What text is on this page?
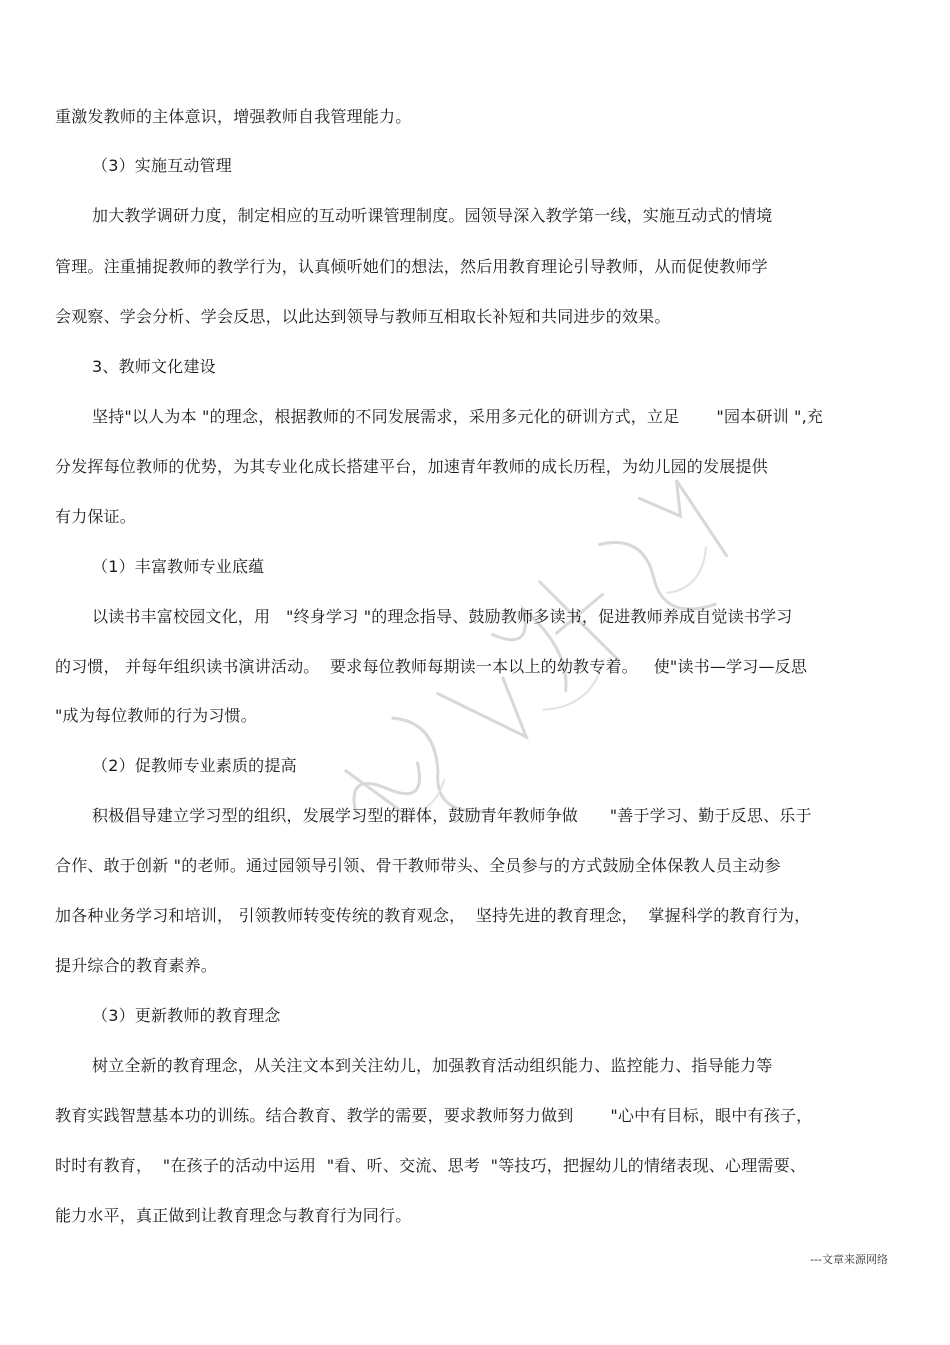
重激发教师的主体意识，增强教师自我管理能力。
（3）实施互动管理
加大教学调研力度，制定相应的互动听课管理制度。园领导深入教学第一线，实施互动式的情境
管理。注重捕捉教师的教学行为，认真倾听她们的想法，然后用教育理论引导教师，从而促使教师学
会观察、学会分析、学会反思，以此达到领导与教师互相取长补短和共同进步的效果。
3、教师文化建设
坚持"以人为本 "的理念，根据教师的不同发展需求，采用多元化的研训方式，立足       "园本研训 ",充
分发挥每位教师的优势，为其专业化成长搭建平台，加速青年教师的成长历程，为幼儿园的发展提供
有力保证。
（1）丰富教师专业底蕴
以读书丰富校园文化，用   "终身学习 "的理念指导、鼓励教师多读书，促进教师养成自觉读书学习
的习惯， 并每年组织读书演讲活动。  要求每位教师每期读一本以上的幼教专着。   使"读书—学习—反思
"成为每位教师的行为习惯。
（2）促教师专业素质的提高
积极倡导建立学习型的组织，发展学习型的群体，鼓励青年教师争做      "善于学习、勤于反思、乐于
合作、敢于创新 "的老师。通过园领导引领、骨干教师带头、全员参与的方式鼓励全体保教人员主动参
加各种业务学习和培训， 引领教师转变传统的教育观念，  坚持先进的教育理念，  掌握科学的教育行为，
提升综合的教育素养。
（3）更新教师的教育理念
树立全新的教育理念，从关注文本到关注幼儿，加强教育活动组织能力、监控能力、指导能力等
教育实践智慧基本功的训练。结合教育、教学的需要，要求教师努力做到       "心中有目标，眼中有孩子，
时时有教育，  "在孩子的活动中运用  "看、听、交流、思考  "等技巧，把握幼儿的情绪表现、心理需要、
能力水平，真正做到让教育理念与教育行为同行。
---文章来源网络
